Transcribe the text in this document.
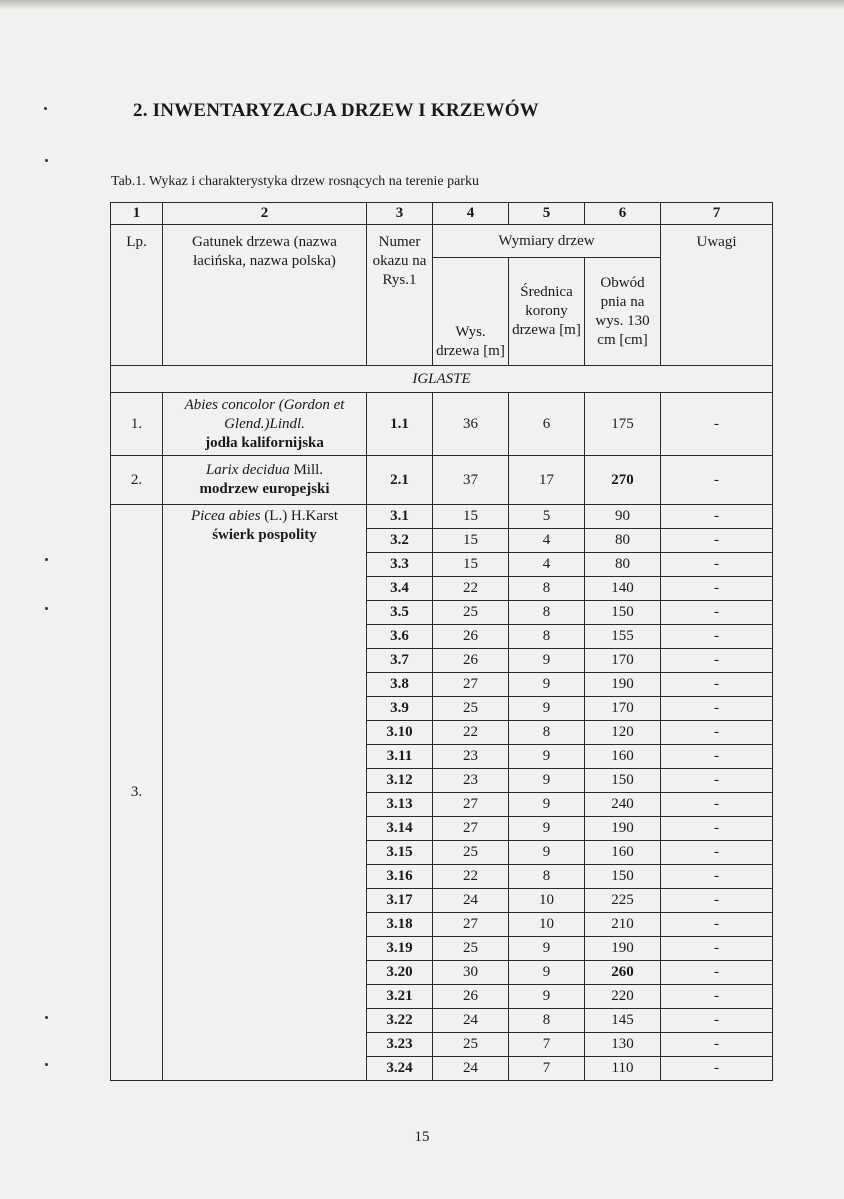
2. INWENTARYZACJA DRZEW I KRZEWÓW
Tab.1. Wykaz i charakterystyka drzew rosnących na terenie parku
1	2	3	4	5	6	7
Lp.	Gatunek drzewa (nazwa łacińska, nazwa polska)	Numer okazu na Rys.1	Wymiary drzew			Uwagi
			Wys. drzewa [m]	Średnica korony drzewa [m]	Obwód pnia na wys. 130 cm [cm]	
IGLASTE						
1.	Abies concolor (Gordon et Glend.)Lindl.
jodła kalifornijska	1.1	36	6	175	-
2.	Larix decidua Mill.
modrzew europejski	2.1	37	17	270	-
3.	Picea abies (L.) H.Karst
świerk pospolity	3.1	15	5	90	-
		3.2	15	4	80	-
		3.3	15	4	80	-
		3.4	22	8	140	-
		3.5	25	8	150	-
		3.6	26	8	155	-
		3.7	26	9	170	-
		3.8	27	9	190	-
		3.9	25	9	170	-
		3.10	22	8	120	-
		3.11	23	9	160	-
		3.12	23	9	150	-
		3.13	27	9	240	-
		3.14	27	9	190	-
		3.15	25	9	160	-
		3.16	22	8	150	-
		3.17	24	10	225	-
		3.18	27	10	210	-
		3.19	25	9	190	-
		3.20	30	9	260	-
		3.21	26	9	220	-
		3.22	24	8	145	-
		3.23	25	7	130	-
		3.24	24	7	110	-
15
